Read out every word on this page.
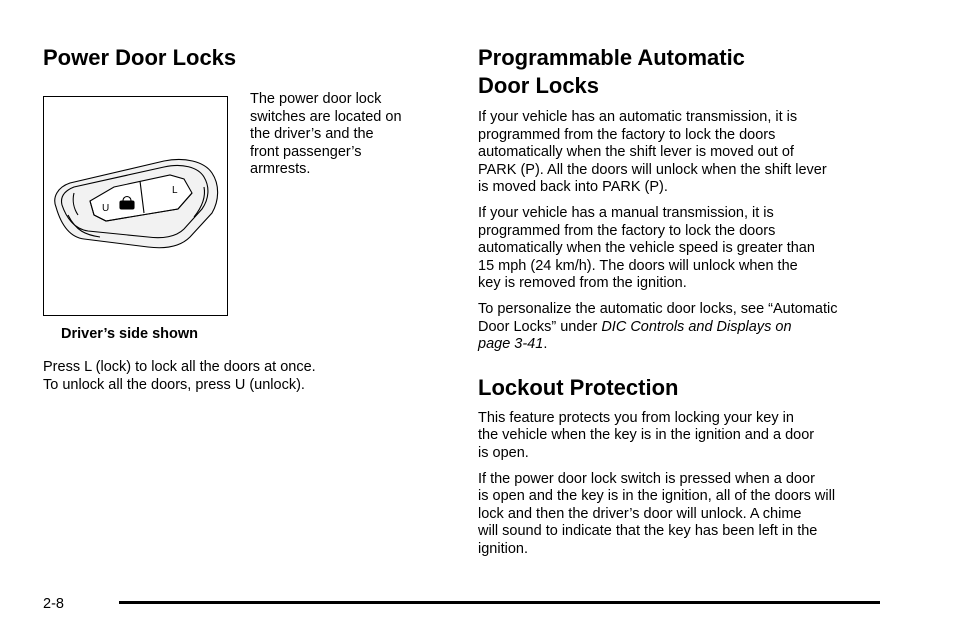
Power Door Locks
U
L

The power door lock
switches are located on
the driver’s and the
front passenger’s
armrests.

Driver’s side shown

Press L (lock) to lock all the doors at once.
To unlock all the doors, press U (unlock).

Programmable Automatic
Door Locks

If your vehicle has an automatic transmission, it is
programmed from the factory to lock the doors
automatically when the shift lever is moved out of
PARK (P). All the doors will unlock when the shift lever
is moved back into PARK (P).

If your vehicle has a manual transmission, it is
programmed from the factory to lock the doors
automatically when the vehicle speed is greater than
15 mph (24 km/h). The doors will unlock when the
key is removed from the ignition.

To personalize the automatic door locks, see “Automatic
Door Locks” under DIC Controls and Displays on
page 3-41.

Lockout Protection

This feature protects you from locking your key in
the vehicle when the key is in the ignition and a door
is open.

If the power door lock switch is pressed when a door
is open and the key is in the ignition, all of the doors will
lock and then the driver’s door will unlock. A chime
will sound to indicate that the key has been left in the
ignition.

2-8
